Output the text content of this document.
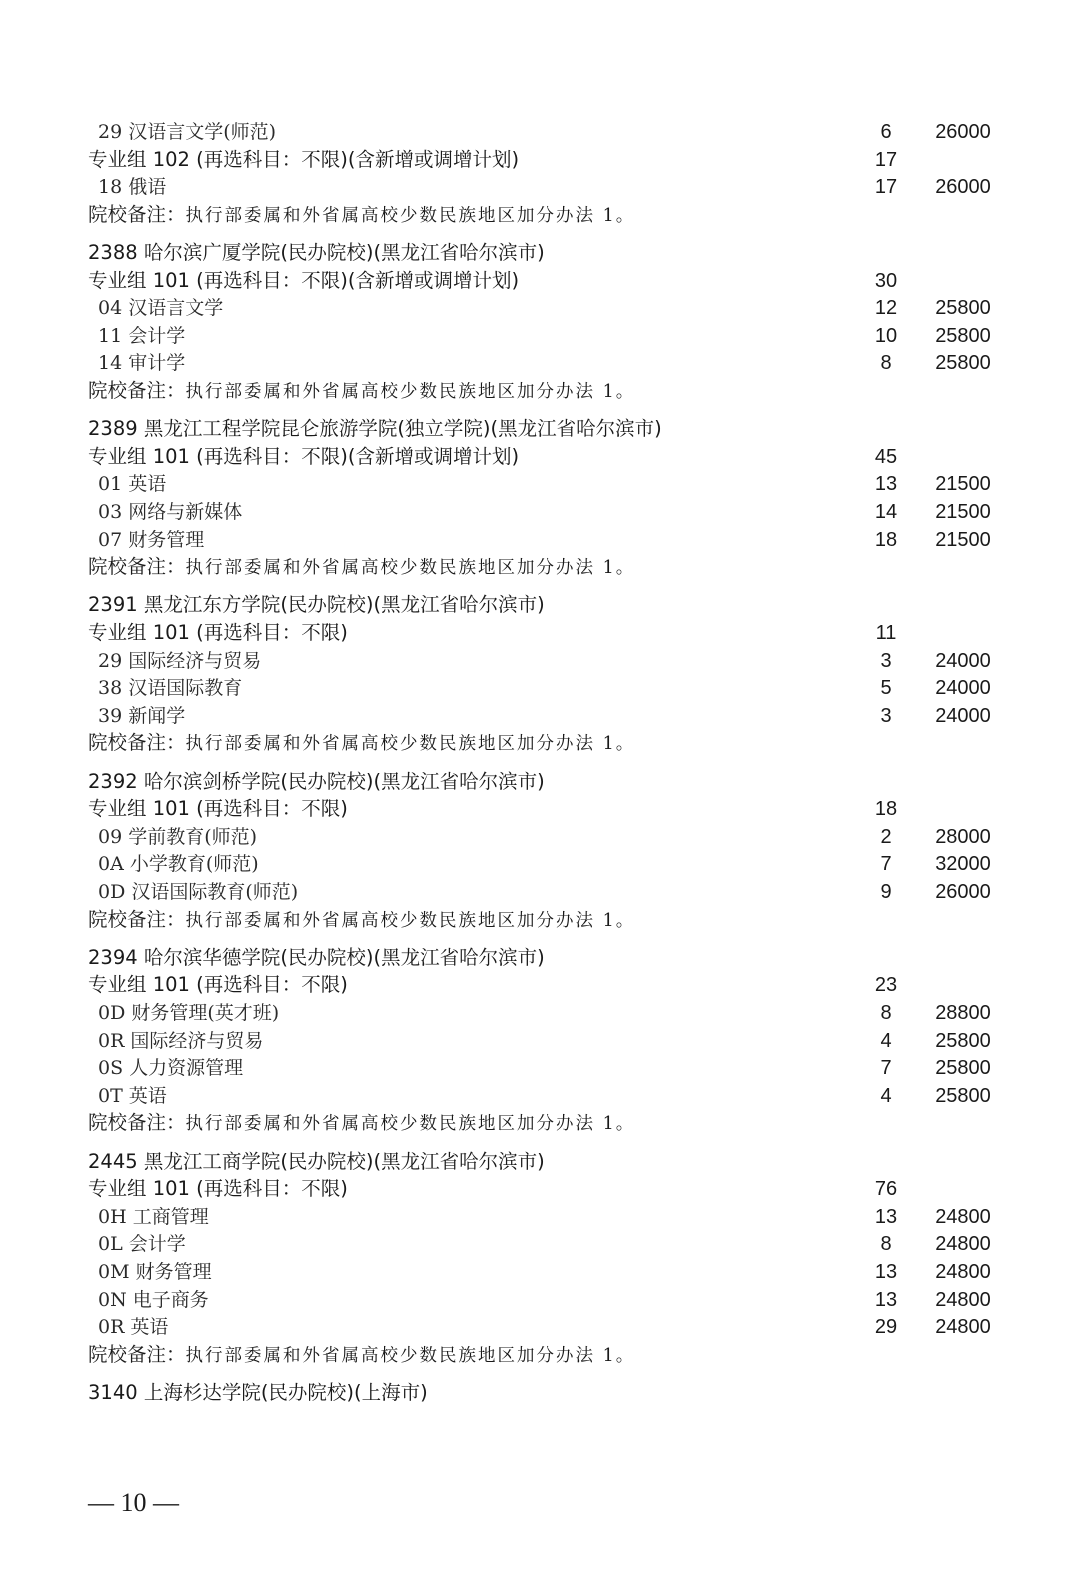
29 汉语言文学(师范)	6	26000
专业组 102 (再选科目：不限)(含新增或调增计划)	17
18 俄语	17	26000
院校备注：执行部委属和外省属高校少数民族地区加分办法 1。
2388 哈尔滨广厦学院(民办院校)(黑龙江省哈尔滨市)
专业组 101 (再选科目：不限)(含新增或调增计划)	30
04 汉语言文学	12	25800
11 会计学	10	25800
14 审计学	8	25800
院校备注：执行部委属和外省属高校少数民族地区加分办法 1。
2389 黑龙江工程学院昆仑旅游学院(独立学院)(黑龙江省哈尔滨市)
专业组 101 (再选科目：不限)(含新增或调增计划)	45
01 英语	13	21500
03 网络与新媒体	14	21500
07 财务管理	18	21500
院校备注：执行部委属和外省属高校少数民族地区加分办法 1。
2391 黑龙江东方学院(民办院校)(黑龙江省哈尔滨市)
专业组 101 (再选科目：不限)	11
29 国际经济与贸易	3	24000
38 汉语国际教育	5	24000
39 新闻学	3	24000
院校备注：执行部委属和外省属高校少数民族地区加分办法 1。
2392 哈尔滨剑桥学院(民办院校)(黑龙江省哈尔滨市)
专业组 101 (再选科目：不限)	18
09 学前教育(师范)	2	28000
0A 小学教育(师范)	7	32000
0D 汉语国际教育(师范)	9	26000
院校备注：执行部委属和外省属高校少数民族地区加分办法 1。
2394 哈尔滨华德学院(民办院校)(黑龙江省哈尔滨市)
专业组 101 (再选科目：不限)	23
0D 财务管理(英才班)	8	28800
0R 国际经济与贸易	4	25800
0S 人力资源管理	7	25800
0T 英语	4	25800
院校备注：执行部委属和外省属高校少数民族地区加分办法 1。
2445 黑龙江工商学院(民办院校)(黑龙江省哈尔滨市)
专业组 101 (再选科目：不限)	76
0H 工商管理	13	24800
0L 会计学	8	24800
0M 财务管理	13	24800
0N 电子商务	13	24800
0R 英语	29	24800
院校备注：执行部委属和外省属高校少数民族地区加分办法 1。
3140 上海杉达学院(民办院校)(上海市)
— 10 —
